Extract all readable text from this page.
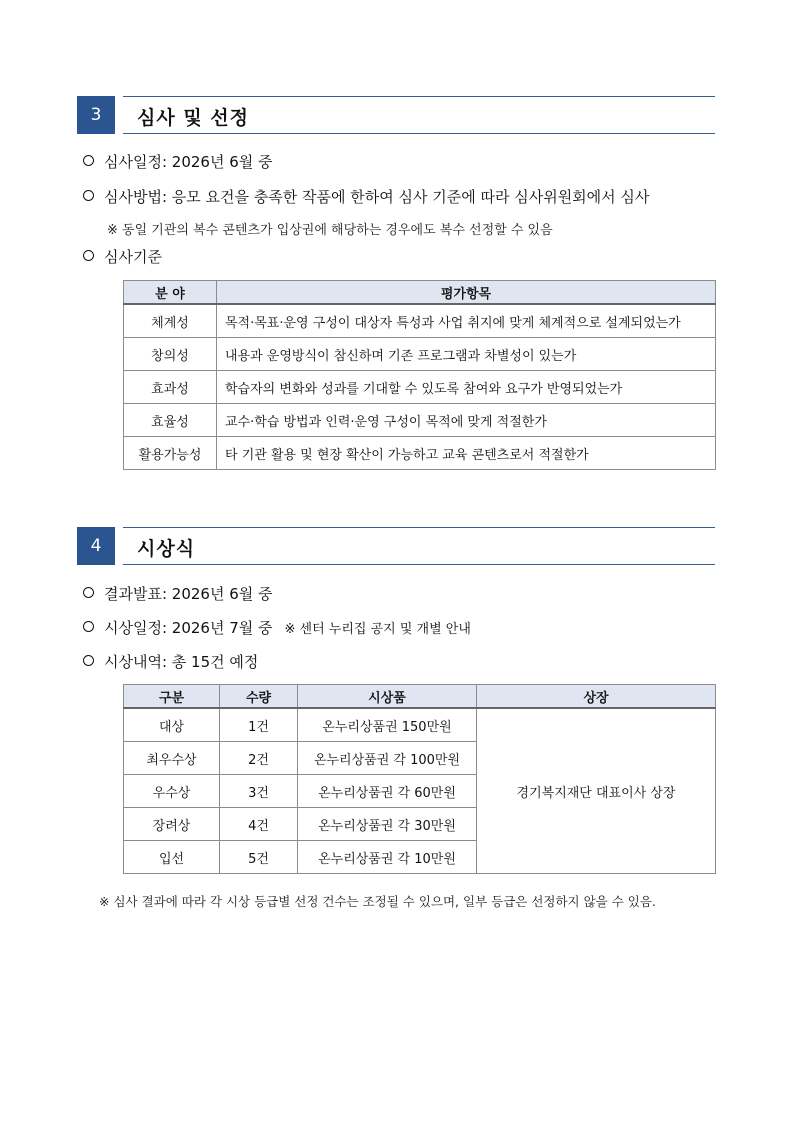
3	심사 및 선정
심사일정: 2026년 6월 중
심사방법: 응모 요건을 충족한 작품에 한하여 심사 기준에 따라 심사위원회에서 심사
※ 동일 기관의 복수 콘텐츠가 입상권에 해당하는 경우에도 복수 선정할 수 있음
심사기준
분 야	평가항목
체계성	목적·목표·운영 구성이 대상자 특성과 사업 취지에 맞게 체계적으로 설계되었는가
창의성	내용과 운영방식이 참신하며 기존 프로그램과 차별성이 있는가
효과성	학습자의 변화와 성과를 기대할 수 있도록 참여와 요구가 반영되었는가
효율성	교수·학습 방법과 인력·운영 구성이 목적에 맞게 적절한가
활용가능성	타 기관 활용 및 현장 확산이 가능하고 교육 콘텐츠로서 적절한가
4	시상식
결과발표: 2026년 6월 중
시상일정: 2026년 7월 중 ※ 센터 누리집 공지 및 개별 안내
시상내역: 총 15건 예정
구분	수량	시상품	상장
대상	1건	온누리상품권 150만원	경기복지재단 대표이사 상장
최우수상	2건	온누리상품권 각 100만원	
우수상	3건	온누리상품권 각 60만원	
장려상	4건	온누리상품권 각 30만원	
입선	5건	온누리상품권 각 10만원	
※ 심사 결과에 따라 각 시상 등급별 선정 건수는 조정될 수 있으며, 일부 등급은 선정하지 않을 수 있음.
